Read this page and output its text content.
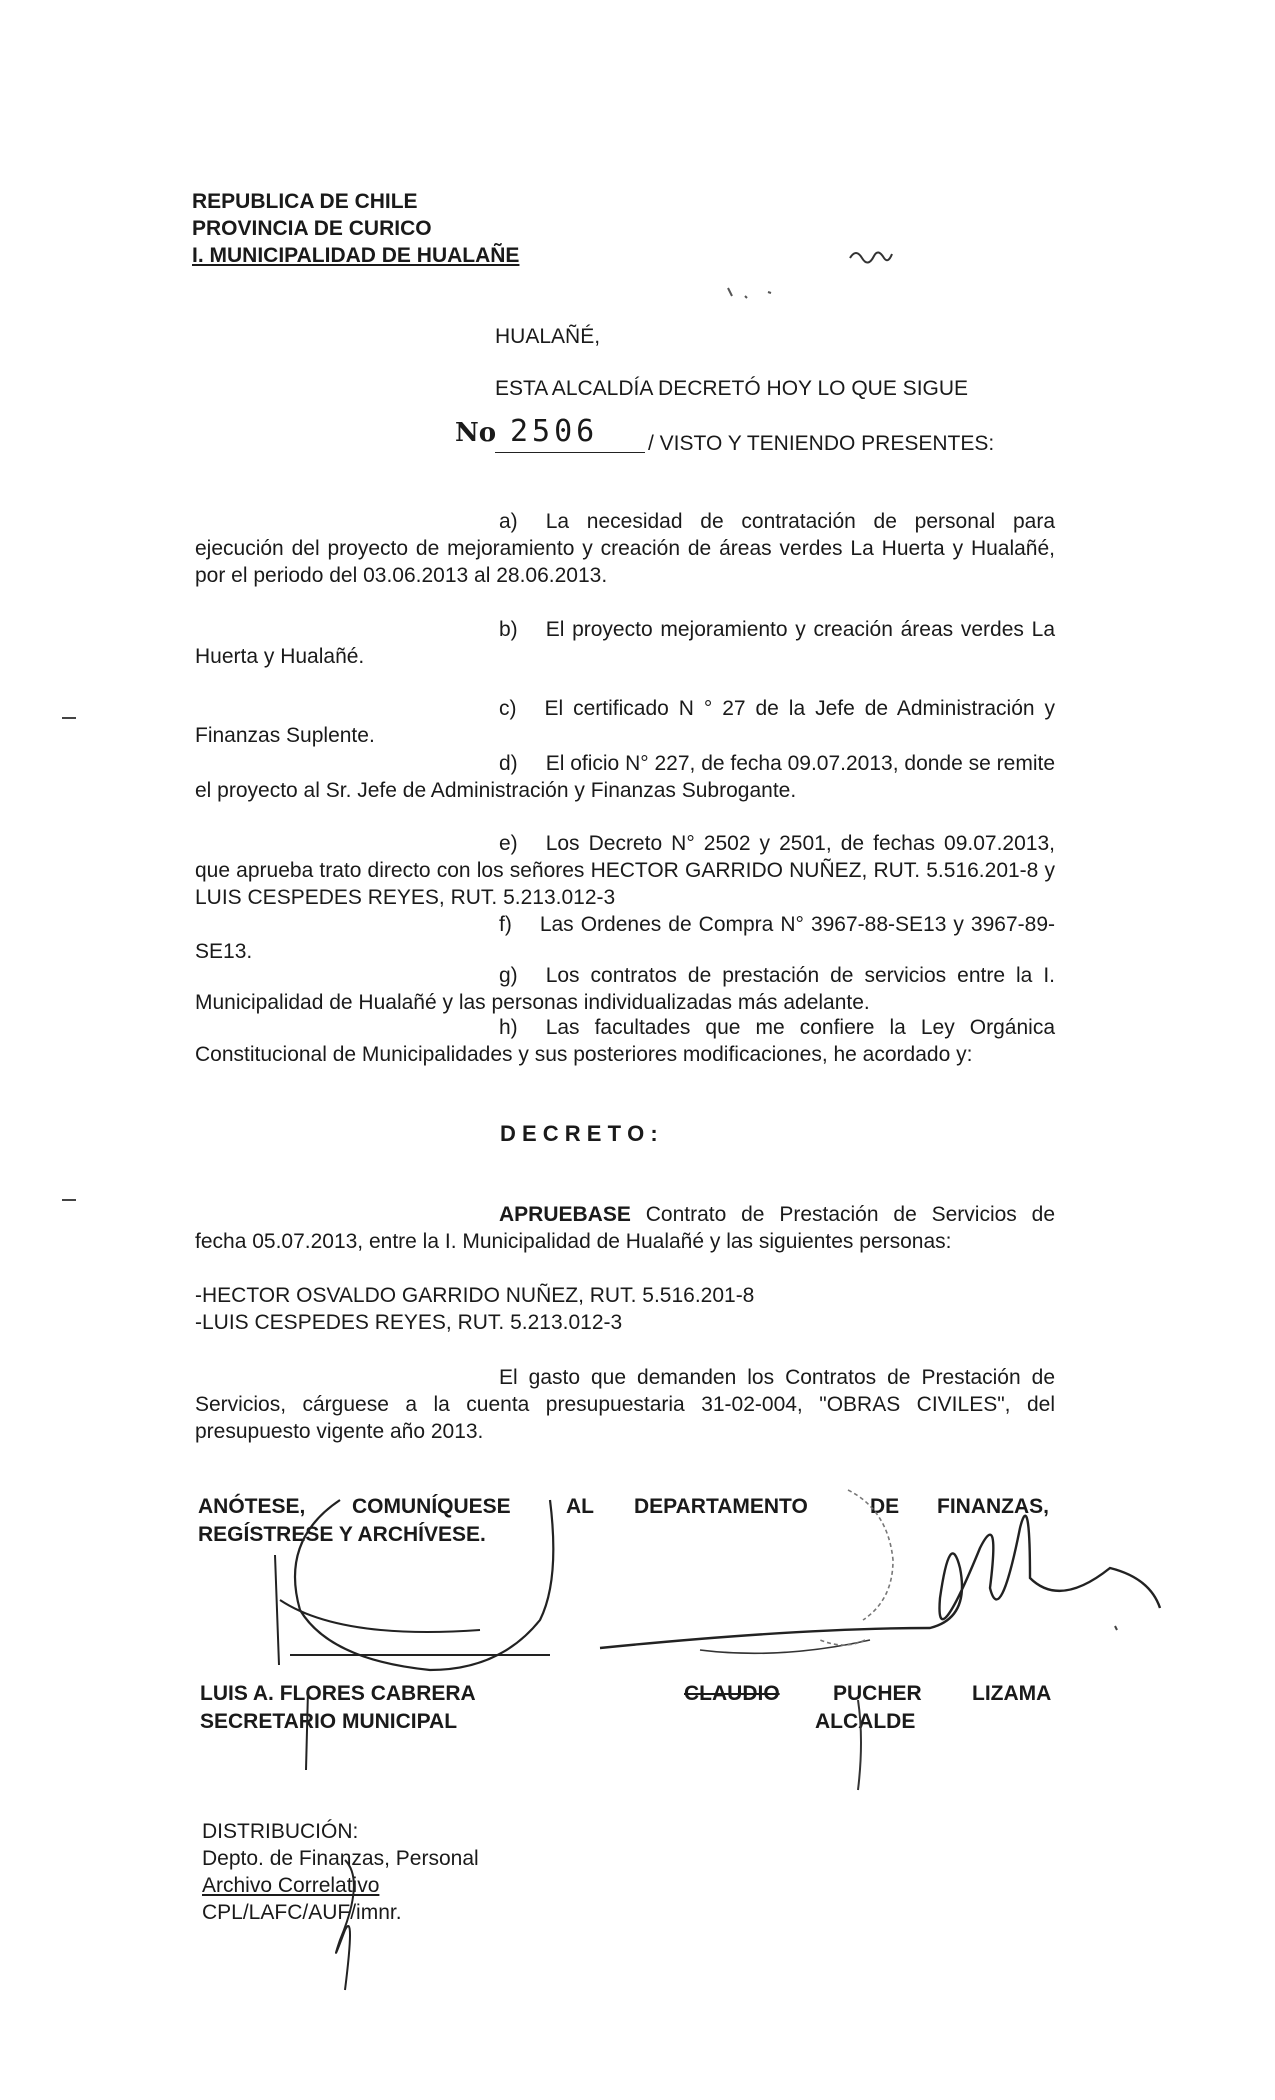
REPUBLICA DE CHILE
PROVINCIA DE CURICO
I. MUNICIPALIDAD DE HUALAÑE
HUALAÑÉ,
ESTA ALCALDÍA DECRETÓ HOY LO QUE SIGUE
No 2506 / VISTO Y TENIENDO PRESENTES:
a) La necesidad de contratación de personal para ejecución del proyecto de mejoramiento y creación de áreas verdes La Huerta y Hualañé, por el periodo del 03.06.2013 al 28.06.2013.
b) El proyecto mejoramiento y creación áreas verdes La Huerta y Hualañé.
c) El certificado N ° 27 de la Jefe de Administración y Finanzas Suplente.
d) El oficio N° 227, de fecha 09.07.2013, donde se remite el proyecto al Sr. Jefe de Administración y Finanzas Subrogante.
e) Los Decreto N° 2502 y 2501, de fechas 09.07.2013, que aprueba trato directo con los señores HECTOR GARRIDO NUÑEZ, RUT. 5.516.201-8 y LUIS CESPEDES REYES, RUT. 5.213.012-3
f) Las Ordenes de Compra N° 3967-88-SE13 y 3967-89-SE13.
g) Los contratos de prestación de servicios entre la I. Municipalidad de Hualañé y las personas individualizadas más adelante.
h) Las facultades que me confiere la Ley Orgánica Constitucional de Municipalidades y sus posteriores modificaciones, he acordado y:
D E C R E T O :
APRUEBASE Contrato de Prestación de Servicios de fecha 05.07.2013, entre la I. Municipalidad de Hualañé y las siguientes personas:
-HECTOR OSVALDO GARRIDO NUÑEZ, RUT. 5.516.201-8
-LUIS CESPEDES REYES, RUT. 5.213.012-3
El gasto que demanden los Contratos de Prestación de Servicios, cárguese a la cuenta presupuestaria 31-02-004, "OBRAS CIVILES", del presupuesto vigente año 2013.
ANÓTESE, COMUNÍQUESE	AL DEPARTAMENTO	DE FINANZAS,
REGÍSTRESE Y ARCHÍVESE.
LUIS A. FLORES CABRERA
SECRETARIO MUNICIPAL
CLAUDIO	PUCHER LIZAMA
ALCALDE
DISTRIBUCIÓN:
Depto. de Finanzas, Personal
Archivo Correlativo
CPL/LAFC/AUF/imnr.
